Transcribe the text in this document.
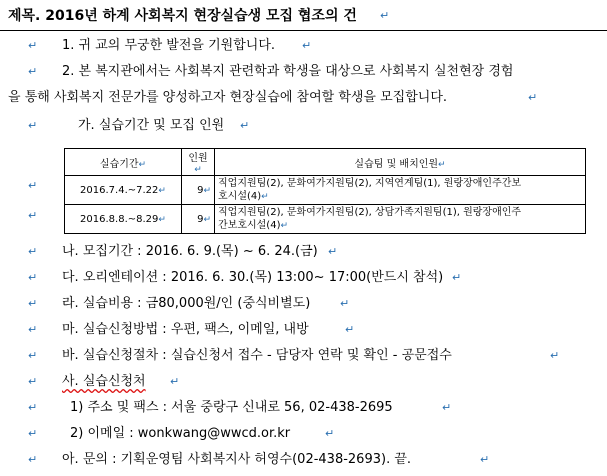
제목. 2016년 하계 사회복지 현장실습생 모집 협조의 건 ↵
↵ 1. 귀 교의 무궁한 발전을 기원합니다. ↵
↵ 2. 본 복지관에서는 사회복지 관련학과 학생을 대상으로 사회복지 실천현장 경험
을 통해 사회복지 전문가를 양성하고자 현장실습에 참여할 학생을 모집합니다.	↵
↵	가. 실습기간 및 모집 인원 ↵
실습기간↵	인원↵	실습팀 및 배치인원↵
2016.7.4.~7.22↵	9↵	직업지원팀(2), 문화여가지원팀(2), 지역연계팀(1), 원랑장애인주간보
호시설(4)↵

2016.8.8.~8.29↵	9↵	직업지원팀(2), 문화여가지원팀(2), 상담가족지원팀(1), 원랑장애인주
간보호시설(4)↵
↵
↵
↵ 나. 모집기간 : 2016. 6. 9.(목) ~ 6. 24.(금) ↵
↵ 다. 오리엔테이션 : 2016. 6. 30.(목) 13:00~ 17:00(반드시 참석) ↵
↵ 라. 실습비용 : 금80,000원/인 (중식비별도)	↵
↵ 마. 실습신청방법 : 우편, 팩스, 이메일, 내방	↵
↵ 바. 실습신청절차 : 실습신청서 접수 - 담당자 연락 및 확인 - 공문접수	↵
↵ 사. 실습신청처 ↵
↵	1) 주소 및 팩스 : 서울 중랑구 신내로 56, 02-438-2695	↵
↵	2) 이메일 : wonkwang@wwcd.or.kr	↵
↵ 아. 문의 : 기획운영팀 사회복지사 허영수(02-438-2693). 끝.	↵
